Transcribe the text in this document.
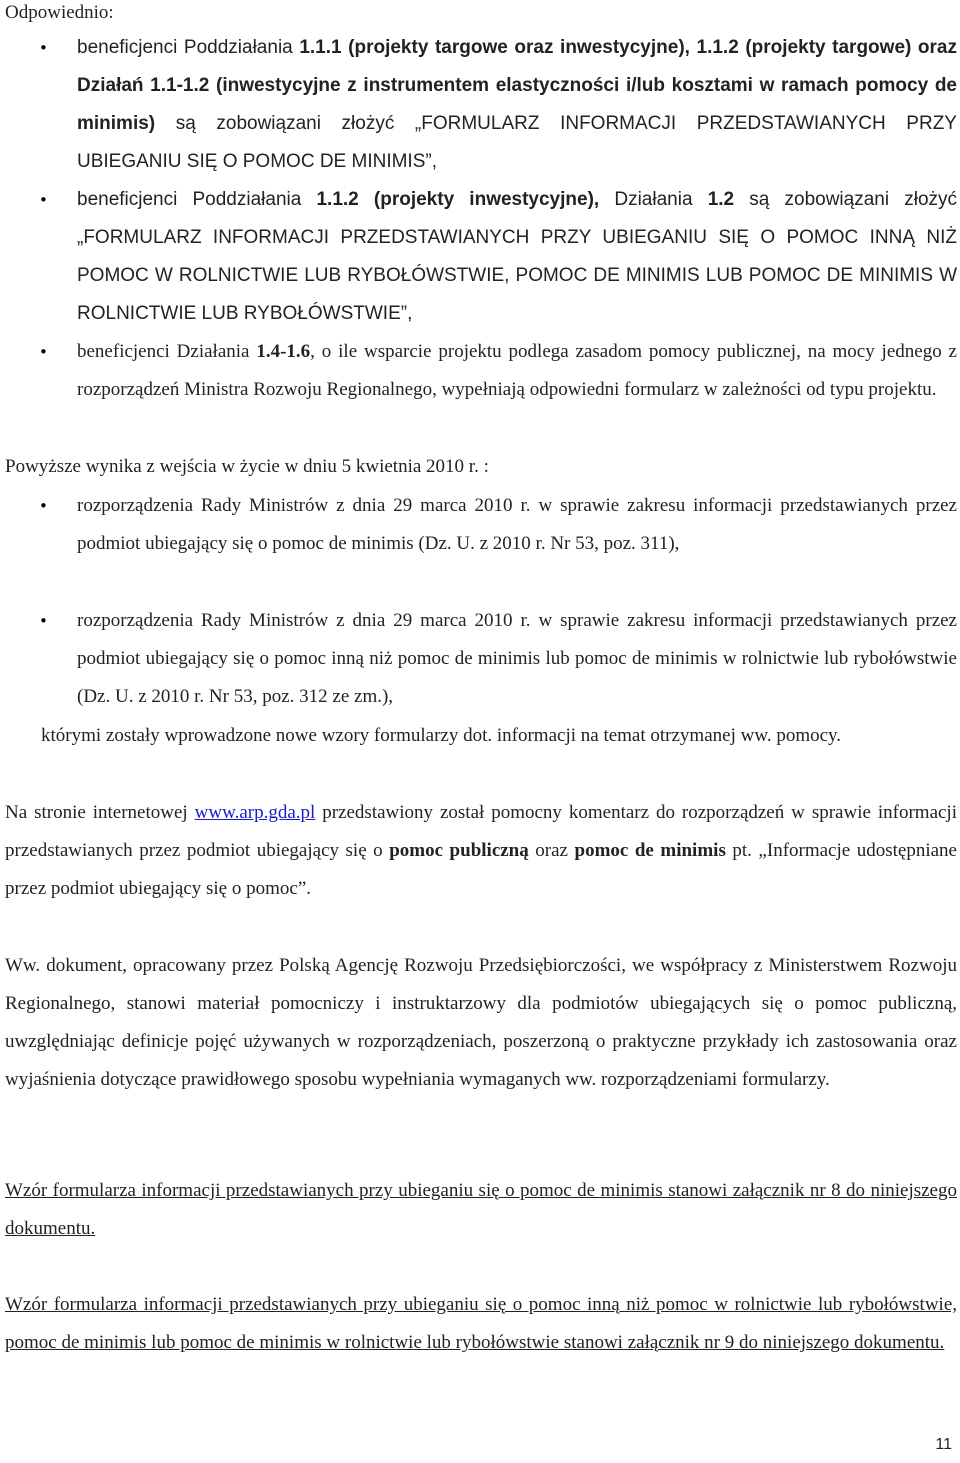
Odpowiednio:

• beneficjenci Poddziałania 1.1.1 (projekty targowe oraz inwestycyjne), 1.1.2 (projekty targowe) oraz Działań 1.1-1.2 (inwestycyjne z instrumentem elastyczności i/lub kosztami w ramach pomocy de minimis) są zobowiązani złożyć „FORMULARZ INFORMACJI PRZEDSTAWIANYCH PRZY UBIEGANIU SIĘ O POMOC DE MINIMIS”,

• beneficjenci Poddziałania 1.1.2 (projekty inwestycyjne), Działania 1.2 są zobowiązani złożyć „FORMULARZ INFORMACJI PRZEDSTAWIANYCH PRZY UBIEGANIU SIĘ O POMOC INNĄ NIŻ POMOC W ROLNICTWIE LUB RYBOŁÓWSTWIE, POMOC DE MINIMIS LUB POMOC DE MINIMIS W ROLNICTWIE LUB RYBOŁÓWSTWIE”,

• beneficjenci Działania 1.4-1.6, o ile wsparcie projektu podlega zasadom pomocy publicznej, na mocy jednego z rozporządzeń Ministra Rozwoju Regionalnego, wypełniają odpowiedni formularz w zależności od typu projektu.

Powyższe wynika z wejścia w życie w dniu 5 kwietnia 2010 r. :

• rozporządzenia Rady Ministrów z dnia 29 marca 2010 r. w sprawie zakresu informacji przedstawianych przez podmiot ubiegający się o pomoc de minimis (Dz. U. z 2010 r. Nr 53, poz. 311),

• rozporządzenia Rady Ministrów z dnia 29 marca 2010 r. w sprawie zakresu informacji przedstawianych przez podmiot ubiegający się o pomoc inną niż pomoc de minimis lub pomoc de minimis w rolnictwie lub rybołówstwie (Dz. U. z 2010 r. Nr 53, poz. 312 ze zm.),

którymi zostały wprowadzone nowe wzory formularzy dot. informacji na temat otrzymanej ww. pomocy.

Na stronie internetowej www.arp.gda.pl przedstawiony został pomocny komentarz do rozporządzeń w sprawie informacji przedstawianych przez podmiot ubiegający się o pomoc publiczną oraz pomoc de minimis pt. „Informacje udostępniane przez podmiot ubiegający się o pomoc”.

Ww. dokument, opracowany przez Polską Agencję Rozwoju Przedsiębiorczości, we współpracy z Ministerstwem Rozwoju Regionalnego, stanowi materiał pomocniczy i instruktarzowy dla podmiotów ubiegających się o pomoc publiczną, uwzględniając definicje pojęć używanych w rozporządzeniach, poszerzoną o praktyczne przykłady ich zastosowania oraz wyjaśnienia dotyczące prawidłowego sposobu wypełniania wymaganych ww. rozporządzeniami formularzy.

Wzór formularza informacji przedstawianych przy ubieganiu się o pomoc de minimis stanowi załącznik nr 8 do niniejszego dokumentu.

Wzór formularza informacji przedstawianych przy ubieganiu się o pomoc inną niż pomoc w rolnictwie lub rybołówstwie, pomoc de minimis lub pomoc de minimis w rolnictwie lub rybołówstwie stanowi załącznik nr 9 do niniejszego dokumentu.

11
